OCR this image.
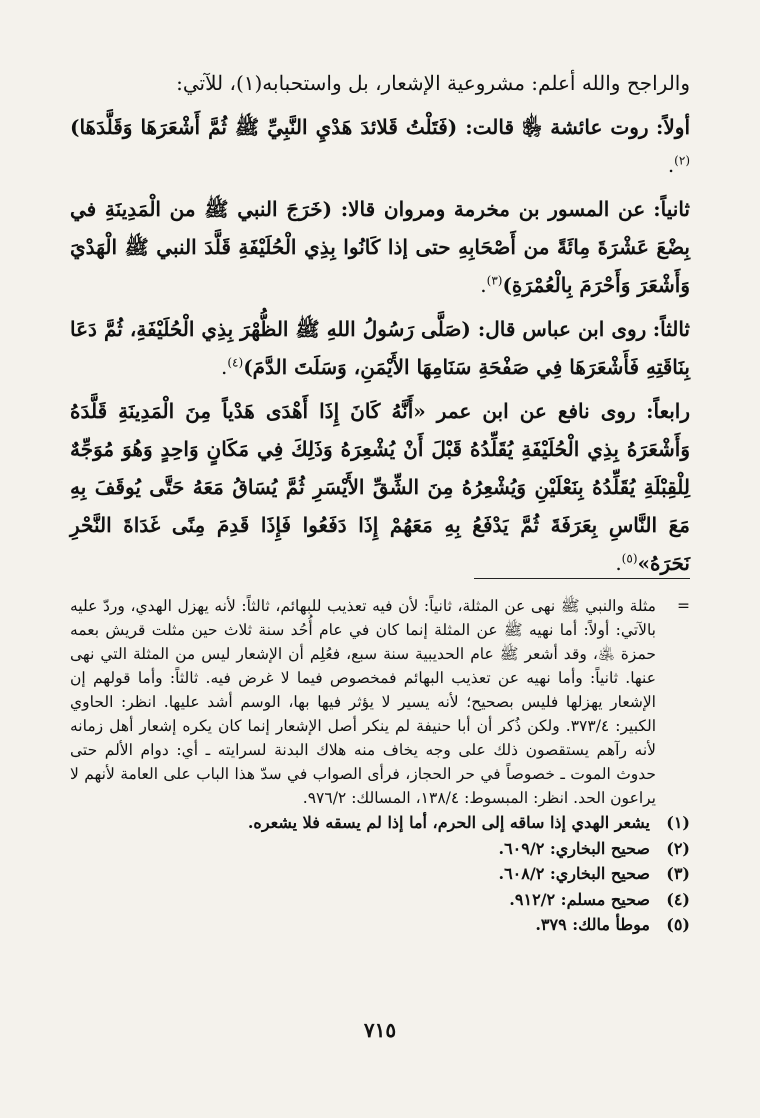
والراجح والله أعلم: مشروعية الإشعار، بل واستحبابه(١)، للآتي:

أولاً: روت عائشة ﵂ قالت: (فَتَلْتُ قَلائدَ هَدْيِ النَّبِيِّ ﷺ ثُمَّ أَشْعَرَهَا وَقَلَّدَهَا)$^{(٢)}$.

ثانياً: عن المسور بن مخرمة ومروان قالا: (خَرَجَ النبي ﷺ من الْمَدِينَةِ في بِضْعَ عَشْرَةَ مِائَةً من أَصْحَابِهِ حتى إذا كَانُوا بِذِي الْحُلَيْفَةِ قَلَّدَ النبي ﷺ الْهَدْيَ وَأَشْعَرَ وَأَحْرَمَ بِالْعُمْرَةِ)$^{(٣)}$.

ثالثاً: روى ابن عباس قال: (صَلَّى رَسُولُ اللهِ ﷺ الظُّهْرَ بِذِي الْحُلَيْفَةِ، ثُمَّ دَعَا بِنَاقَتِهِ فَأَشْعَرَهَا فِي صَفْحَةِ سَنَامِهَا الأَيْمَنِ، وَسَلَتَ الدَّمَ)$^{(٤)}$.

رابعاً: روى نافع عن ابن عمر «أَنَّهُ كَانَ إِذَا أَهْدَى هَدْياً مِنَ الْمَدِينَةِ قَلَّدَهُ وَأَشْعَرَهُ بِذِي الْحُلَيْفَةِ يُقَلِّدُهُ قَبْلَ أَنْ يُشْعِرَهُ وَذَلِكَ فِي مَكَانٍ وَاحِدٍ وَهُوَ مُوَجِّهٌ لِلْقِبْلَةِ يُقَلِّدُهُ بِنَعْلَيْنِ وَيُشْعِرُهُ مِنَ الشِّقِّ الأَيْسَرِ ثُمَّ يُسَاقُ مَعَهُ حَتَّى يُوقَفَ بِهِ مَعَ النَّاسِ بِعَرَفَةَ ثُمَّ يَدْفَعُ بِهِ مَعَهُمْ إِذَا دَفَعُوا فَإِذَا قَدِمَ مِنًى غَدَاةَ النَّحْرِ نَحَرَهُ»$^{(٥)}$.

=
مثلة والنبي ﷺ نهى عن المثلة، ثانياً: لأن فيه تعذيب للبهائم، ثالثاً: لأنه يهزل الهدي، وردّ عليه بالآتي: أولاً: أما نهيه ﷺ عن المثلة إنما كان في عام أُحُد سنة ثلاث حين مثلت قريش بعمه حمزة ﵁، وقد أشعر ﷺ عام الحديبية سنة سبع، فعُلِم أن الإشعار ليس من المثلة التي نهى عنها. ثانياً: وأما نهيه عن تعذيب البهائم فمخصوص فيما لا غرض فيه. ثالثاً: وأما قولهم إن الإشعار يهزلها فليس بصحيح؛ لأنه يسير لا يؤثر فيها بها، الوسم أشد عليها. انظر: الحاوي الكبير: ٣٧٣/٤. ولكن ذُكر أن أبا حنيفة لم ينكر أصل الإشعار إنما كان يكره إشعار أهل زمانه لأنه رآهم يستقصون ذلك على وجه يخاف منه هلاك البدنة لسرايته ـ أي: دوام الألم حتى حدوث الموت ـ خصوصاً في حر الحجاز، فرأى الصواب في سدّ هذا الباب على العامة لأنهم لا يراعون الحد. انظر: المبسوط: ١٣٨/٤، المسالك: ٩٧٦/٢.

(١)
يشعر الهدي إذا ساقه إلى الحرم، أما إذا لم يسقه فلا يشعره.
(٢)
صحيح البخاري: ٦٠٩/٢.
(٣)
صحيح البخاري: ٦٠٨/٢.
(٤)
صحيح مسلم: ٩١٢/٢.
(٥)
موطأ مالك: ٣٧٩.
٧١٥
